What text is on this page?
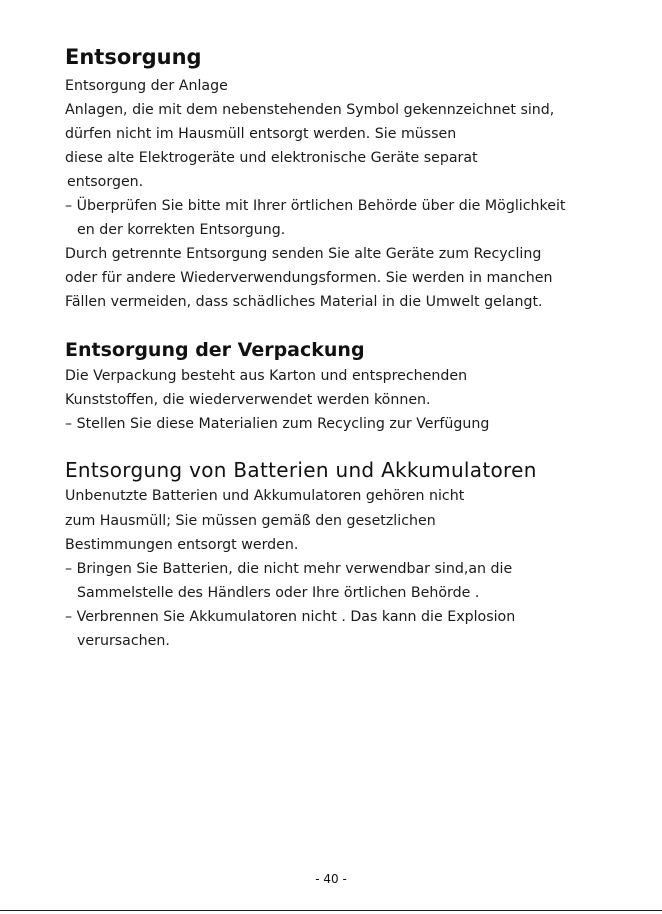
Entsorgung
Entsorgung der Anlage
Anlagen, die mit dem nebenstehenden Symbol gekennzeichnet sind,
dürfen nicht im Hausmüll entsorgt werden. Sie müssen
diese alte Elektrogeräte und elektronische Geräte separat
entsorgen.
– Überprüfen Sie bitte mit Ihrer örtlichen Behörde über die Möglichkeit
en der korrekten Entsorgung.
Durch getrennte Entsorgung senden Sie alte Geräte zum Recycling
oder für andere Wiederverwendungsformen. Sie werden in manchen
Fällen vermeiden, dass schädliches Material in die Umwelt gelangt.
Entsorgung der Verpackung
Die Verpackung besteht aus Karton und entsprechenden
Kunststoffen, die wiederverwendet werden können.
– Stellen Sie diese Materialien zum Recycling zur Verfügung
Entsorgung von Batterien und Akkumulatoren
Unbenutzte Batterien und Akkumulatoren gehören nicht
zum Hausmüll; Sie müssen gemäß den gesetzlichen
Bestimmungen entsorgt werden.
– Bringen Sie Batterien, die nicht mehr verwendbar sind,an die
Sammelstelle des Händlers oder Ihre örtlichen Behörde .
– Verbrennen Sie Akkumulatoren nicht . Das kann die Explosion
verursachen.
- 40 -
